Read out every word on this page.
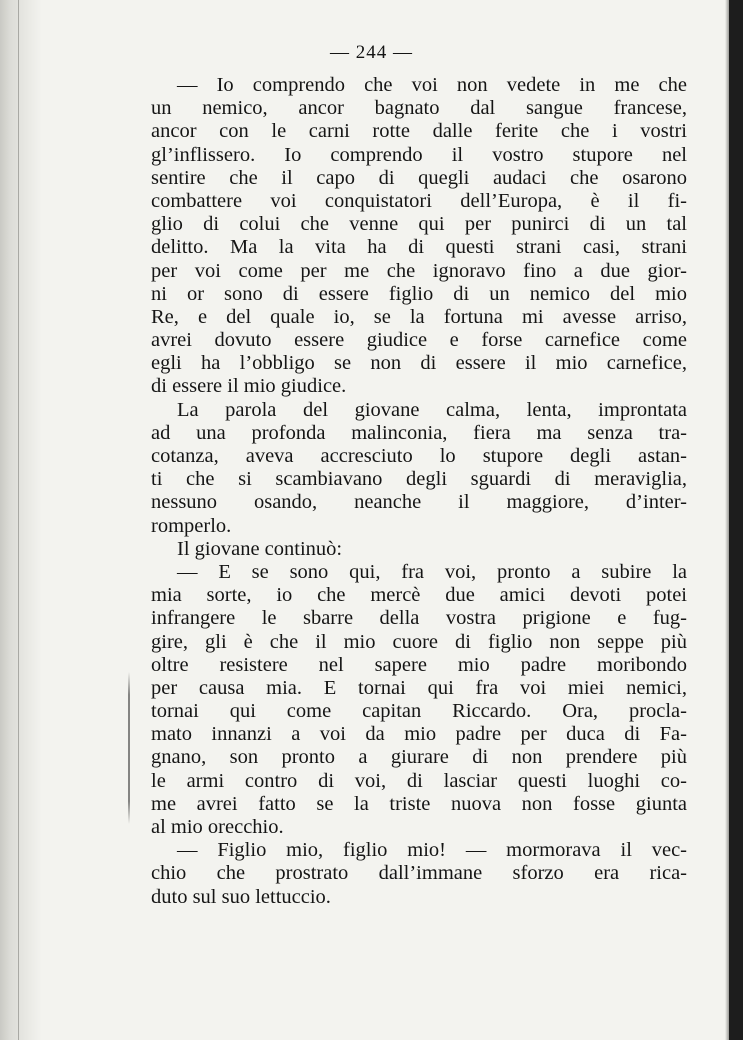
— 244 —
— Io comprendo che voi non vedete in me che
un nemico, ancor bagnato dal sangue francese,
ancor con le carni rotte dalle ferite che i vostri
gl’inflissero. Io comprendo il vostro stupore nel
sentire che il capo di quegli audaci che osarono
combattere voi conquistatori dell’Europa, è il fi-
glio di colui che venne qui per punirci di un tal
delitto. Ma la vita ha di questi strani casi, strani
per voi come per me che ignoravo fino a due gior-
ni or sono di essere figlio di un nemico del mio
Re, e del quale io, se la fortuna mi avesse arriso,
avrei dovuto essere giudice e forse carnefice come
egli ha l’obbligo se non di essere il mio carnefice,
di essere il mio giudice.
La parola del giovane calma, lenta, improntata
ad una profonda malinconia, fiera ma senza tra-
cotanza, aveva accresciuto lo stupore degli astan-
ti che si scambiavano degli sguardi di meraviglia,
nessuno osando, neanche il maggiore, d’inter-
romperlo.
Il giovane continuò:
— E se sono qui, fra voi, pronto a subire la
mia sorte, io che mercè due amici devoti potei
infrangere le sbarre della vostra prigione e fug-
gire, gli è che il mio cuore di figlio non seppe più
oltre resistere nel sapere mio padre moribondo
per causa mia. E tornai qui fra voi miei nemici,
tornai qui come capitan Riccardo. Ora, procla-
mato innanzi a voi da mio padre per duca di Fa-
gnano, son pronto a giurare di non prendere più
le armi contro di voi, di lasciar questi luoghi co-
me avrei fatto se la triste nuova non fosse giunta
al mio orecchio.
— Figlio mio, figlio mio! — mormorava il vec-
chio che prostrato dall’immane sforzo era rica-
duto sul suo lettuccio.
